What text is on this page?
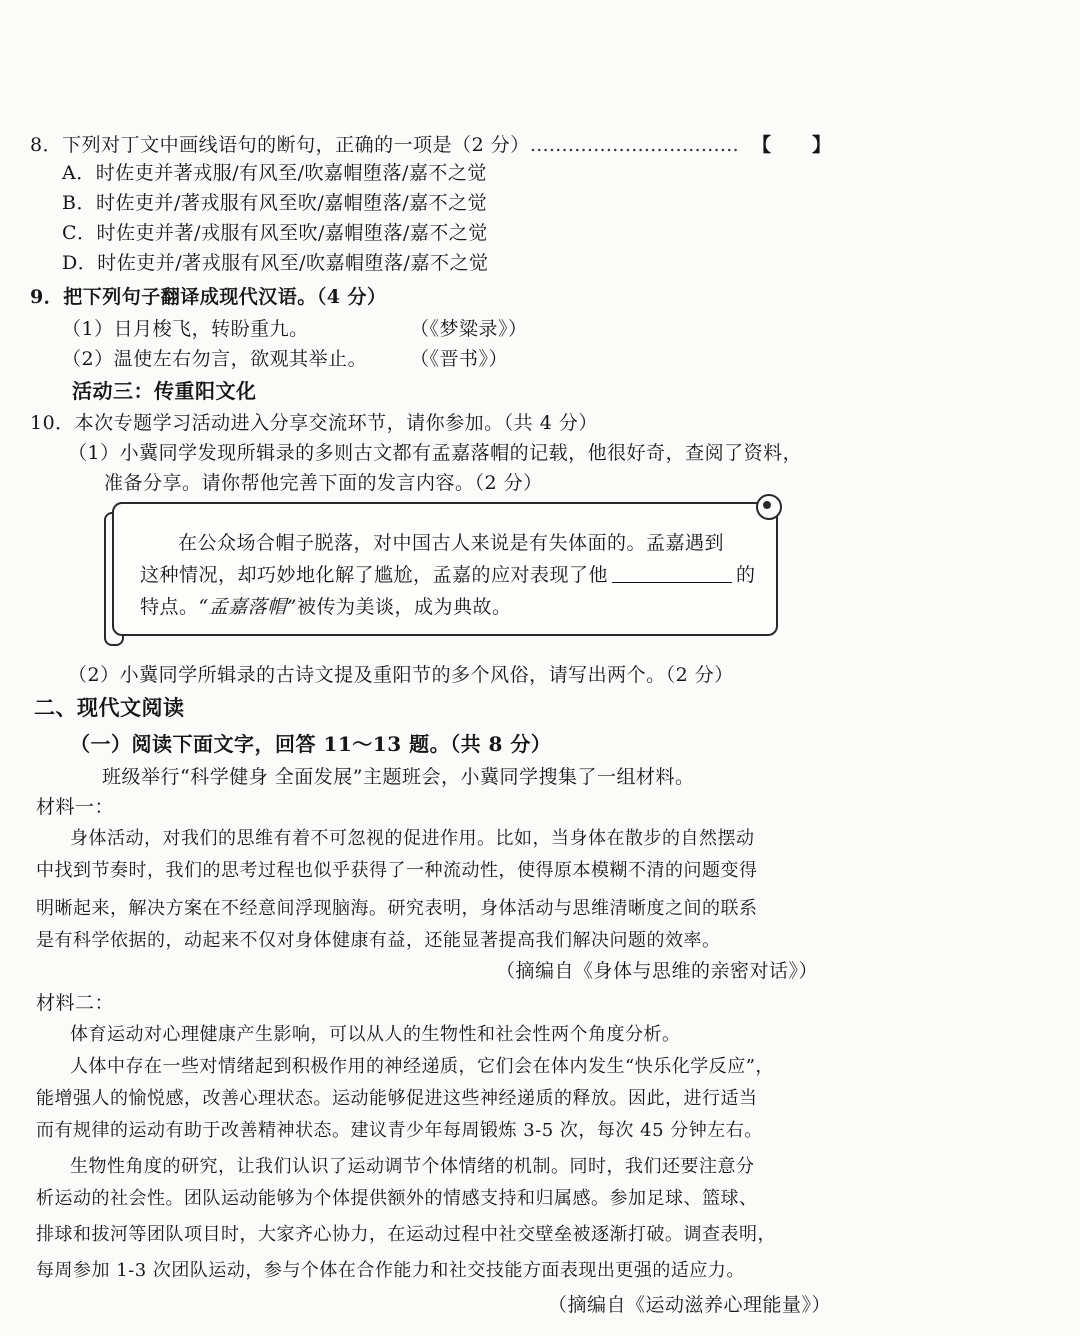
8．下列对丁文中画线语句的断句，正确的一项是（2 分）…………………………… 【 】
A．时佐吏并著戎服/有风至/吹嘉帽堕落/嘉不之觉
B．时佐吏并/著戎服有风至吹/嘉帽堕落/嘉不之觉
C．时佐吏并著/戎服有风至吹/嘉帽堕落/嘉不之觉
D．时佐吏并/著戎服有风至/吹嘉帽堕落/嘉不之觉
9．把下列句子翻译成现代汉语。（4 分）
（1）日月梭飞，转盼重九。	（《梦粱录》）
（2）温使左右勿言，欲观其举止。 （《晋书》）
活动三：传重阳文化
10．本次专题学习活动进入分享交流环节，请你参加。（共 4 分）
（1）小冀同学发现所辑录的多则古文都有孟嘉落帽的记载，他很好奇，查阅了资料，
准备分享。请你帮他完善下面的发言内容。（2 分）
在公众场合帽子脱落，对中国古人来说是有失体面的。孟嘉遇到
这种情况，却巧妙地化解了尴尬，孟嘉的应对表现了他	的
特点。“孟嘉落帽”被传为美谈，成为典故。
（2）小冀同学所辑录的古诗文提及重阳节的多个风俗，请写出两个。（2 分）
二、现代文阅读
（一）阅读下面文字，回答 11～13 题。（共 8 分）
班级举行“科学健身 全面发展”主题班会，小冀同学搜集了一组材料。
材料一：
身体活动，对我们的思维有着不可忽视的促进作用。比如，当身体在散步的自然摆动
中找到节奏时，我们的思考过程也似乎获得了一种流动性，使得原本模糊不清的问题变得
明晰起来，解决方案在不经意间浮现脑海。研究表明，身体活动与思维清晰度之间的联系
是有科学依据的，动起来不仅对身体健康有益，还能显著提高我们解决问题的效率。
（摘编自《身体与思维的亲密对话》）
材料二：
体育运动对心理健康产生影响，可以从人的生物性和社会性两个角度分析。
人体中存在一些对情绪起到积极作用的神经递质，它们会在体内发生“快乐化学反应”，
能增强人的愉悦感，改善心理状态。运动能够促进这些神经递质的释放。因此，进行适当
而有规律的运动有助于改善精神状态。建议青少年每周锻炼 3-5 次，每次 45 分钟左右。
生物性角度的研究，让我们认识了运动调节个体情绪的机制。同时，我们还要注意分
析运动的社会性。团队运动能够为个体提供额外的情感支持和归属感。参加足球、篮球、
排球和拔河等团队项目时，大家齐心协力，在运动过程中社交壁垒被逐渐打破。调查表明，
每周参加 1-3 次团队运动，参与个体在合作能力和社交技能方面表现出更强的适应力。
（摘编自《运动滋养心理能量》）
